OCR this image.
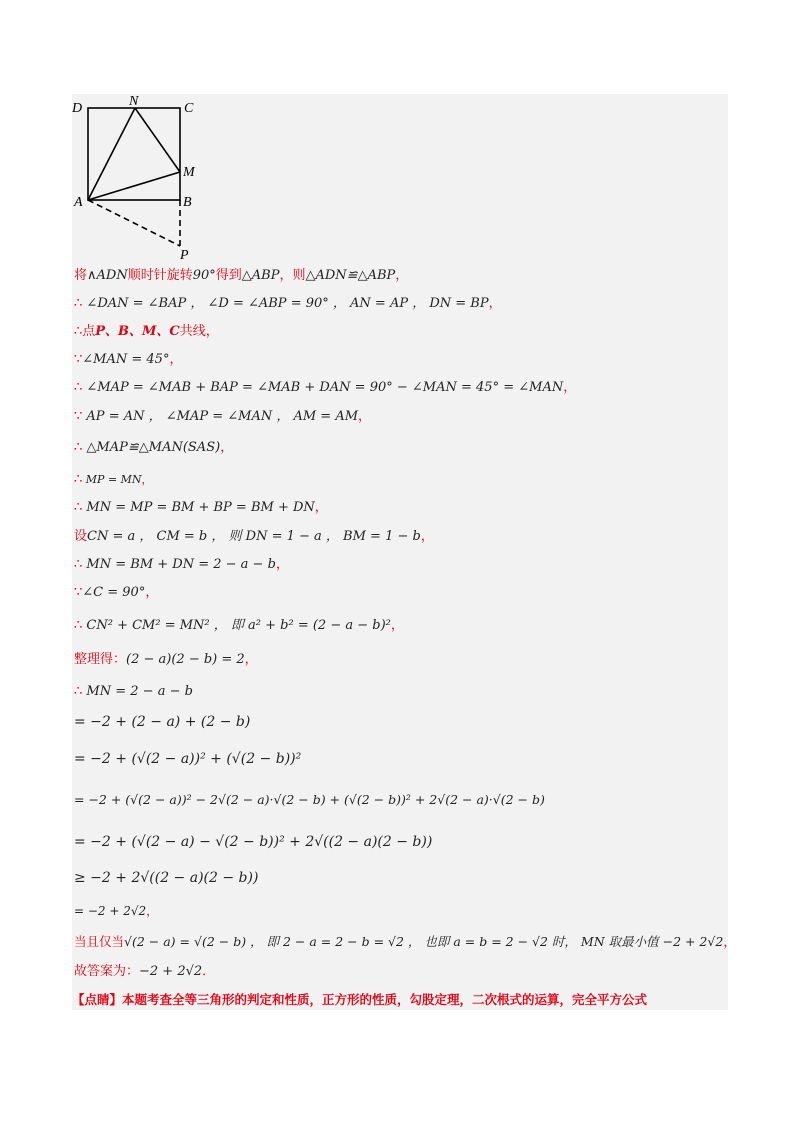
D	N	C
M
A	B
P
将∧ADN顺时针旋转90°得到△ABP，则△ADN≌△ABP，
∴ ∠DAN = ∠BAP ， ∠D = ∠ABP = 90° ， AN = AP ， DN = BP，
∴点P、B、M、C共线，
∵∠MAN = 45°，
∴ ∠MAP = ∠MAB + BAP = ∠MAB + DAN = 90° − ∠MAN = 45° = ∠MAN，
∵ AP = AN ， ∠MAP = ∠MAN ， AM = AM，
∴ △MAP≌△MAN(SAS)，
∴ MP = MN，
∴ MN = MP = BM + BP = BM + DN，
设CN = a ， CM = b ， 则 DN = 1 − a ， BM = 1 − b，
∴ MN = BM + DN = 2 − a − b，
∵∠C = 90°，
∴ CN² + CM² = MN² ， 即 a² + b² = (2 − a − b)²，
整理得：(2 − a)(2 − b) = 2，
∴ MN = 2 − a − b
= −2 + (2 − a) + (2 − b)
= −2 + (√(2 − a))² + (√(2 − b))²
= −2 + (√(2 − a))² − 2√(2 − a)·√(2 − b) + (√(2 − b))² + 2√(2 − a)·√(2 − b)
= −2 + (√(2 − a) − √(2 − b))² + 2√((2 − a)(2 − b))
≥ −2 + 2√((2 − a)(2 − b))
= −2 + 2√2，
当且仅当√(2 − a) = √(2 − b) ， 即 2 − a = 2 − b = √2 ， 也即 a = b = 2 − √2 时， MN 取最小值 −2 + 2√2，
故答案为：−2 + 2√2．
【点睛】本题考查全等三角形的判定和性质，正方形的性质，勾股定理，二次根式的运算，完全平方公式
